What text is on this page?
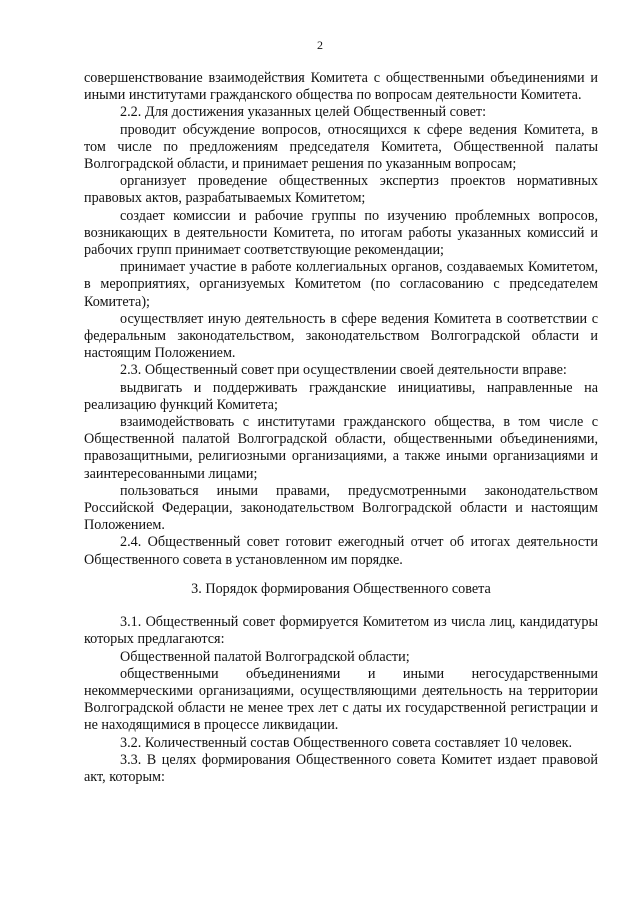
2

совершенствование взаимодействия Комитета с общественными объединениями и иными институтами гражданского общества по вопросам деятельности Комитета.

2.2. Для достижения указанных целей Общественный совет:

проводит обсуждение вопросов, относящихся к сфере ведения Комитета, в том числе по предложениям председателя Комитета, Общественной палаты Волгоградской области, и принимает решения по указанным вопросам;

организует проведение общественных экспертиз проектов нормативных правовых актов, разрабатываемых Комитетом;

создает комиссии и рабочие группы по изучению проблемных вопросов, возникающих в деятельности Комитета, по итогам работы указанных комиссий и рабочих групп принимает соответствующие рекомендации;

принимает участие в работе коллегиальных органов, создаваемых Комитетом, в мероприятиях, организуемых Комитетом (по согласованию с председателем Комитета);

осуществляет иную деятельность в сфере ведения Комитета в соответствии с федеральным законодательством, законодательством Волгоградской области и настоящим Положением.

2.3. Общественный совет при осуществлении своей деятельности вправе:

выдвигать и поддерживать гражданские инициативы, направленные на реализацию функций Комитета;

взаимодействовать с институтами гражданского общества, в том числе с Общественной палатой Волгоградской области, общественными объединениями, правозащитными, религиозными организациями, а также иными организациями и заинтересованными лицами;

пользоваться иными правами, предусмотренными законодательством Российской Федерации, законодательством Волгоградской области и настоящим Положением.

2.4. Общественный совет готовит ежегодный отчет об итогах деятельности Общественного совета в установленном им порядке.

3. Порядок формирования Общественного совета

3.1. Общественный совет формируется Комитетом из числа лиц, кандидатуры которых предлагаются:

Общественной палатой Волгоградской области;

общественными объединениями и иными негосударственными некоммерческими организациями, осуществляющими деятельность на территории Волгоградской области не менее трех лет с даты их государственной регистрации и не находящимися в процессе ликвидации.

3.2. Количественный состав Общественного совета составляет 10 человек.

3.3. В целях формирования Общественного совета Комитет издает правовой акт, которым:
